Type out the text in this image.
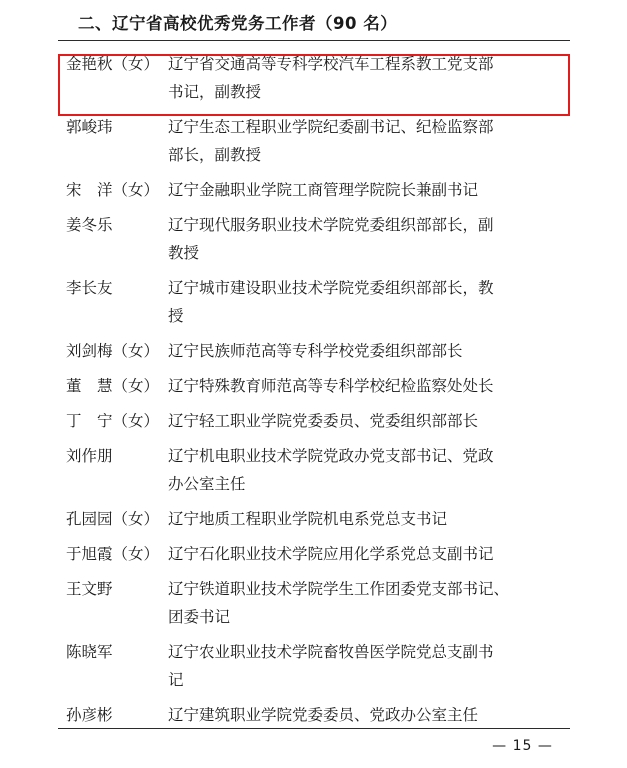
二、辽宁省高校优秀党务工作者（90 名）
金艳秋（女） 辽宁省交通高等专科学校汽车工程系教工党支部
书记，副教授
郭峻玮	辽宁生态工程职业学院纪委副书记、纪检监察部
部长，副教授
宋　洋（女） 辽宁金融职业学院工商管理学院院长兼副书记
姜冬乐	辽宁现代服务职业技术学院党委组织部部长，副
教授
李长友	辽宁城市建设职业技术学院党委组织部部长，教
授
刘剑梅（女） 辽宁民族师范高等专科学校党委组织部部长
董　慧（女） 辽宁特殊教育师范高等专科学校纪检监察处处长
丁　宁（女） 辽宁轻工职业学院党委委员、党委组织部部长
刘作朋	辽宁机电职业技术学院党政办党支部书记、党政
办公室主任
孔园园（女） 辽宁地质工程职业学院机电系党总支书记
于旭霞（女） 辽宁石化职业技术学院应用化学系党总支副书记
王文野	辽宁铁道职业技术学院学生工作团委党支部书记、
团委书记
陈晓军	辽宁农业职业技术学院畜牧兽医学院党总支副书
记
孙彦彬	辽宁建筑职业学院党委委员、党政办公室主任
— 15 —
